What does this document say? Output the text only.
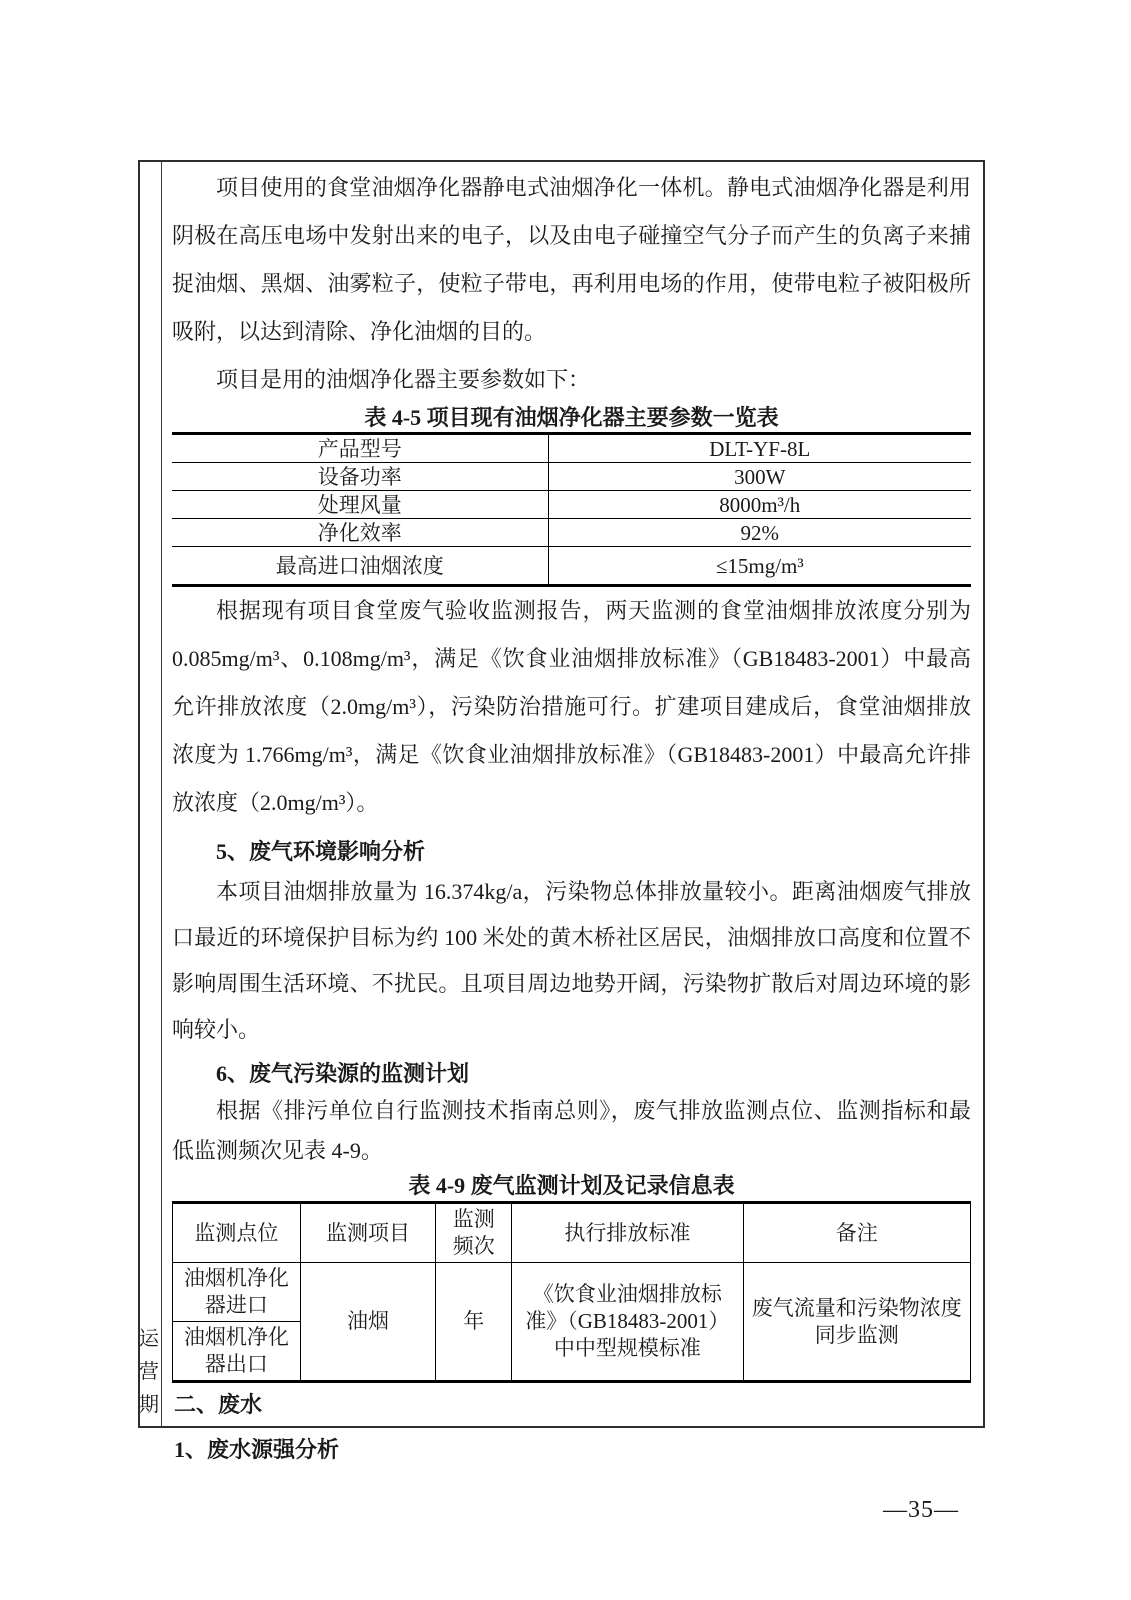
运营期

项目使用的食堂油烟净化器静电式油烟净化一体机。静电式油烟净化器是利用阴极在高压电场中发射出来的电子，以及由电子碰撞空气分子而产生的负离子来捕捉油烟、黑烟、油雾粒子，使粒子带电，再利用电场的作用，使带电粒子被阳极所吸附，以达到清除、净化油烟的目的。

项目是用的油烟净化器主要参数如下：

表 4-5 项目现有油烟净化器主要参数一览表
产品型号	DLT-YF-8L
设备功率	300W
处理风量	8000m³/h
净化效率	92%
最高进口油烟浓度	≤15mg/m³

根据现有项目食堂废气验收监测报告，两天监测的食堂油烟排放浓度分别为0.085mg/m³、0.108mg/m³，满足《饮食业油烟排放标准》（GB18483-2001）中最高允许排放浓度（2.0mg/m³），污染防治措施可行。扩建项目建成后，食堂油烟排放浓度为 1.766mg/m³，满足《饮食业油烟排放标准》（GB18483-2001）中最高允许排放浓度（2.0mg/m³）。

5、废气环境影响分析

本项目油烟排放量为 16.374kg/a，污染物总体排放量较小。距离油烟废气排放口最近的环境保护目标为约 100 米处的黄木桥社区居民，油烟排放口高度和位置不影响周围生活环境、不扰民。且项目周边地势开阔，污染物扩散后对周边环境的影响较小。

6、废气污染源的监测计划

根据《排污单位自行监测技术指南总则》，废气排放监测点位、监测指标和最低监测频次见表 4-9。

表 4-9 废气监测计划及记录信息表
监测点位	监测项目	监测频次	执行排放标准	备注
油烟机净化器进口	油烟	年	《饮食业油烟排放标准》（GB18483-2001）中中型规模标准	废气流量和污染物浓度同步监测
油烟机净化器出口				
二、废水
1、废水源强分析
—35—
